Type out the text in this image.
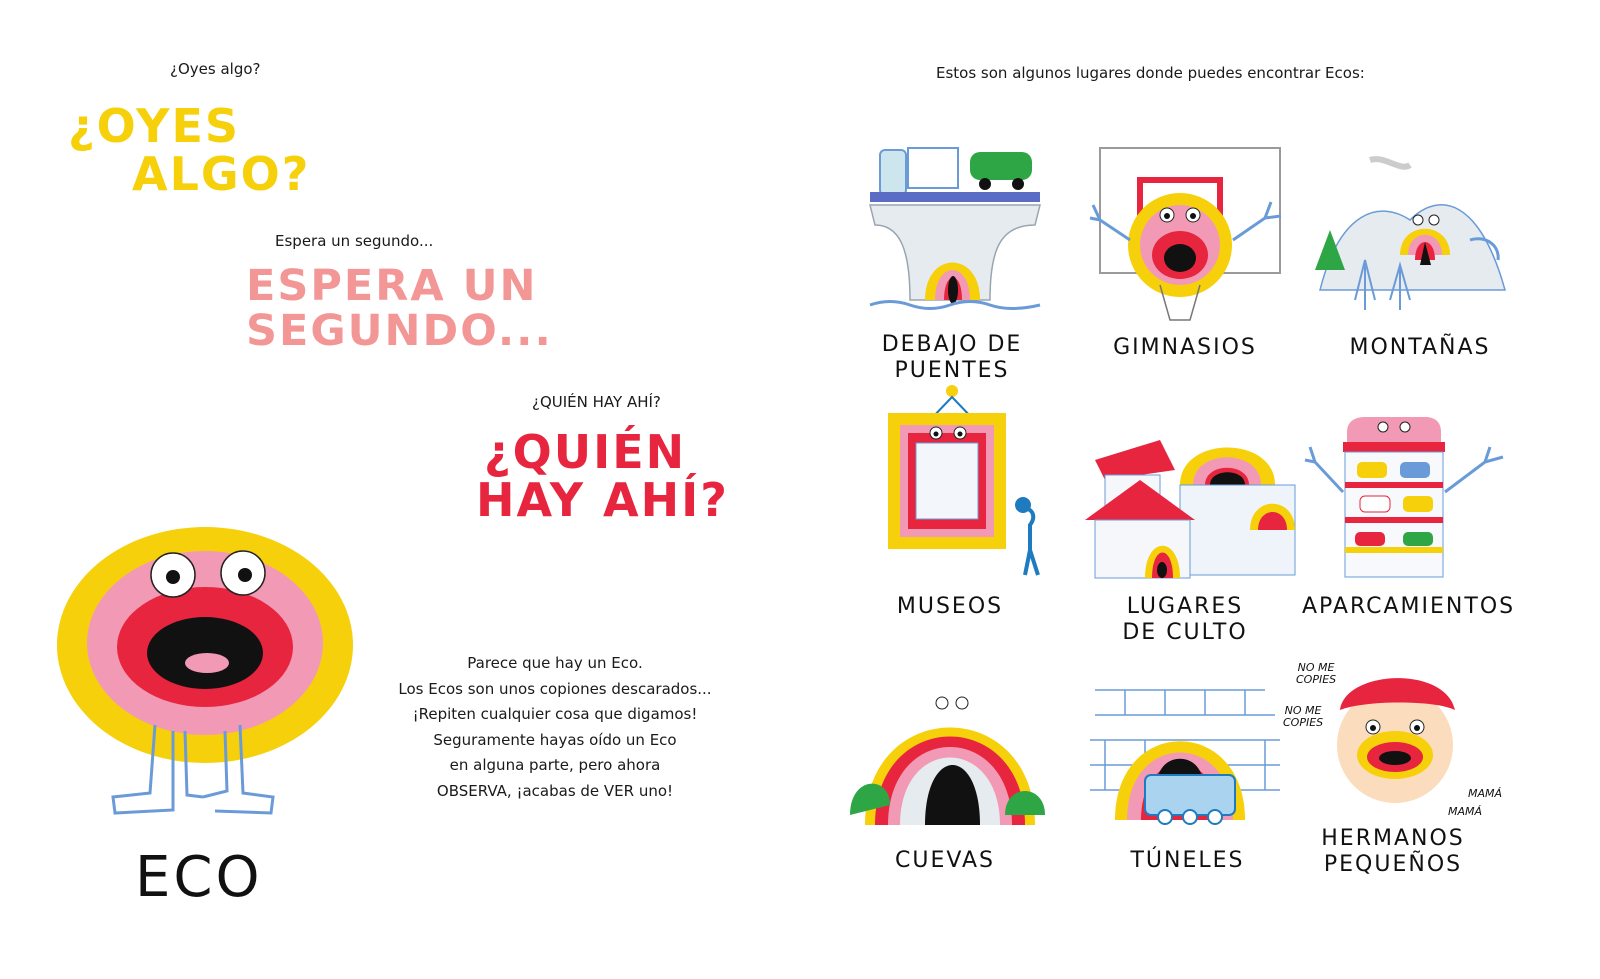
¿Oyes algo?
¿OYES
ALGO?
Espera un segundo...
ESPERA UN
SEGUNDO...
¿QUIÉN HAY AHÍ?
¿QUIÉN
HAY AHÍ?
ECO
Parece que hay un Eco.
Los Ecos son unos copiones descarados...
¡Repiten cualquier cosa que digamos!
Seguramente hayas oído un Eco
en alguna parte, pero ahora
OBSERVA, ¡acabas de VER uno!
Estos son algunos lugares donde puedes encontrar Ecos:
DEBAJO DE PUENTES
GIMNASIOS	MONTAÑAS
MUSEOS	LUGARES
DE CULTO
APARCAMIENTOS
CUEVAS	TÚNELES
NO ME
COPIES
NO ME
COPIES
MAMÁ
MAMÁ
HERMANOS
PEQUEÑOS
